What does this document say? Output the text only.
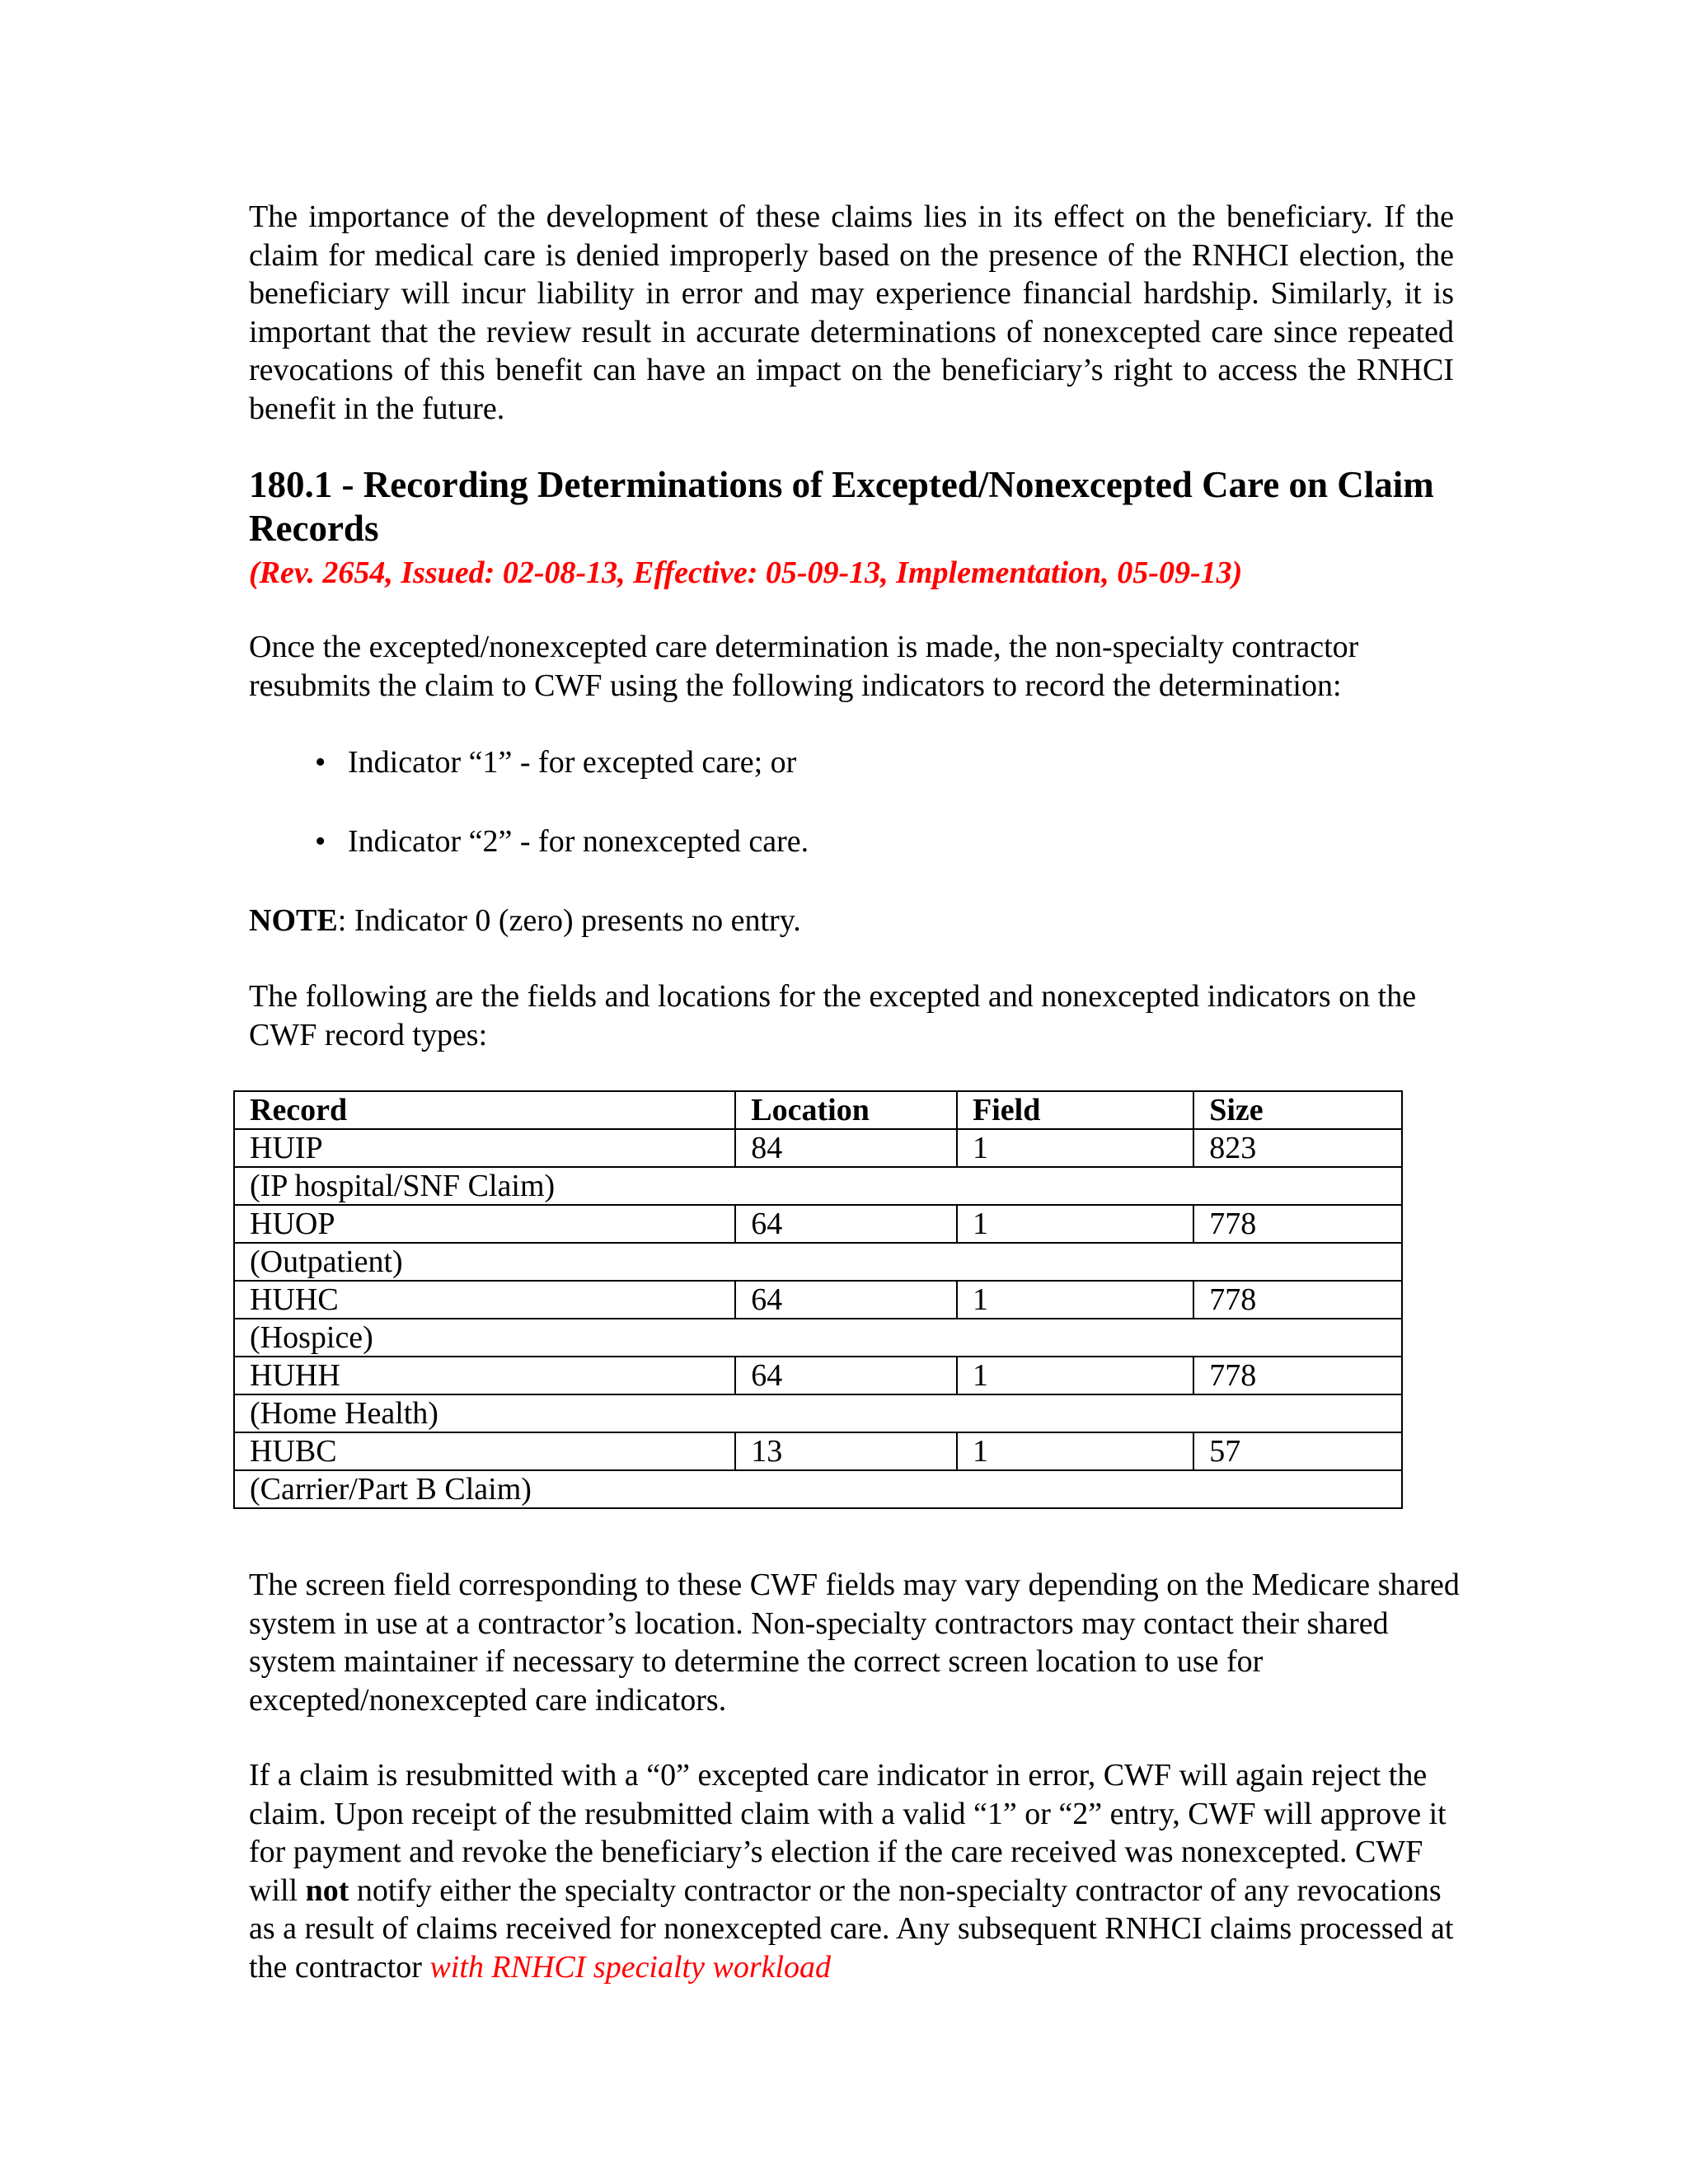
The importance of the development of these claims lies in its effect on the beneficiary. If the claim for medical care is denied improperly based on the presence of the RNHCI election, the beneficiary will incur liability in error and may experience financial hardship. Similarly, it is important that the review result in accurate determinations of nonexcepted care since repeated revocations of this benefit can have an impact on the beneficiary’s right to access the RNHCI benefit in the future.

180.1 - Recording Determinations of Excepted/Nonexcepted Care on Claim Records
(Rev. 2654, Issued: 02-08-13, Effective: 05-09-13, Implementation, 05-09-13)

Once the excepted/nonexcepted care determination is made, the non-specialty contractor resubmits the claim to CWF using the following indicators to record the determination:

• Indicator “1” - for excepted care; or
• Indicator “2” - for nonexcepted care.
NOTE: Indicator 0 (zero) presents no entry.

The following are the fields and locations for the excepted and nonexcepted indicators on the CWF record types:

Record	Location	Field	Size
HUIP	84	1	823
(IP hospital/SNF Claim)			
HUOP	64	1	778
(Outpatient)			
HUHC	64	1	778
(Hospice)			
HUHH	64	1	778
(Home Health)			
HUBC	13	1	57
(Carrier/Part B Claim)			

The screen field corresponding to these CWF fields may vary depending on the Medicare shared system in use at a contractor’s location. Non-specialty contractors may contact their shared system maintainer if necessary to determine the correct screen location to use for excepted/nonexcepted care indicators.

If a claim is resubmitted with a “0” excepted care indicator in error, CWF will again reject the claim. Upon receipt of the resubmitted claim with a valid “1” or “2” entry, CWF will approve it for payment and revoke the beneficiary’s election if the care received was nonexcepted. CWF will not notify either the specialty contractor or the non-specialty contractor of any revocations as a result of claims received for nonexcepted care. Any subsequent RNHCI claims processed at the contractor with RNHCI specialty workload
